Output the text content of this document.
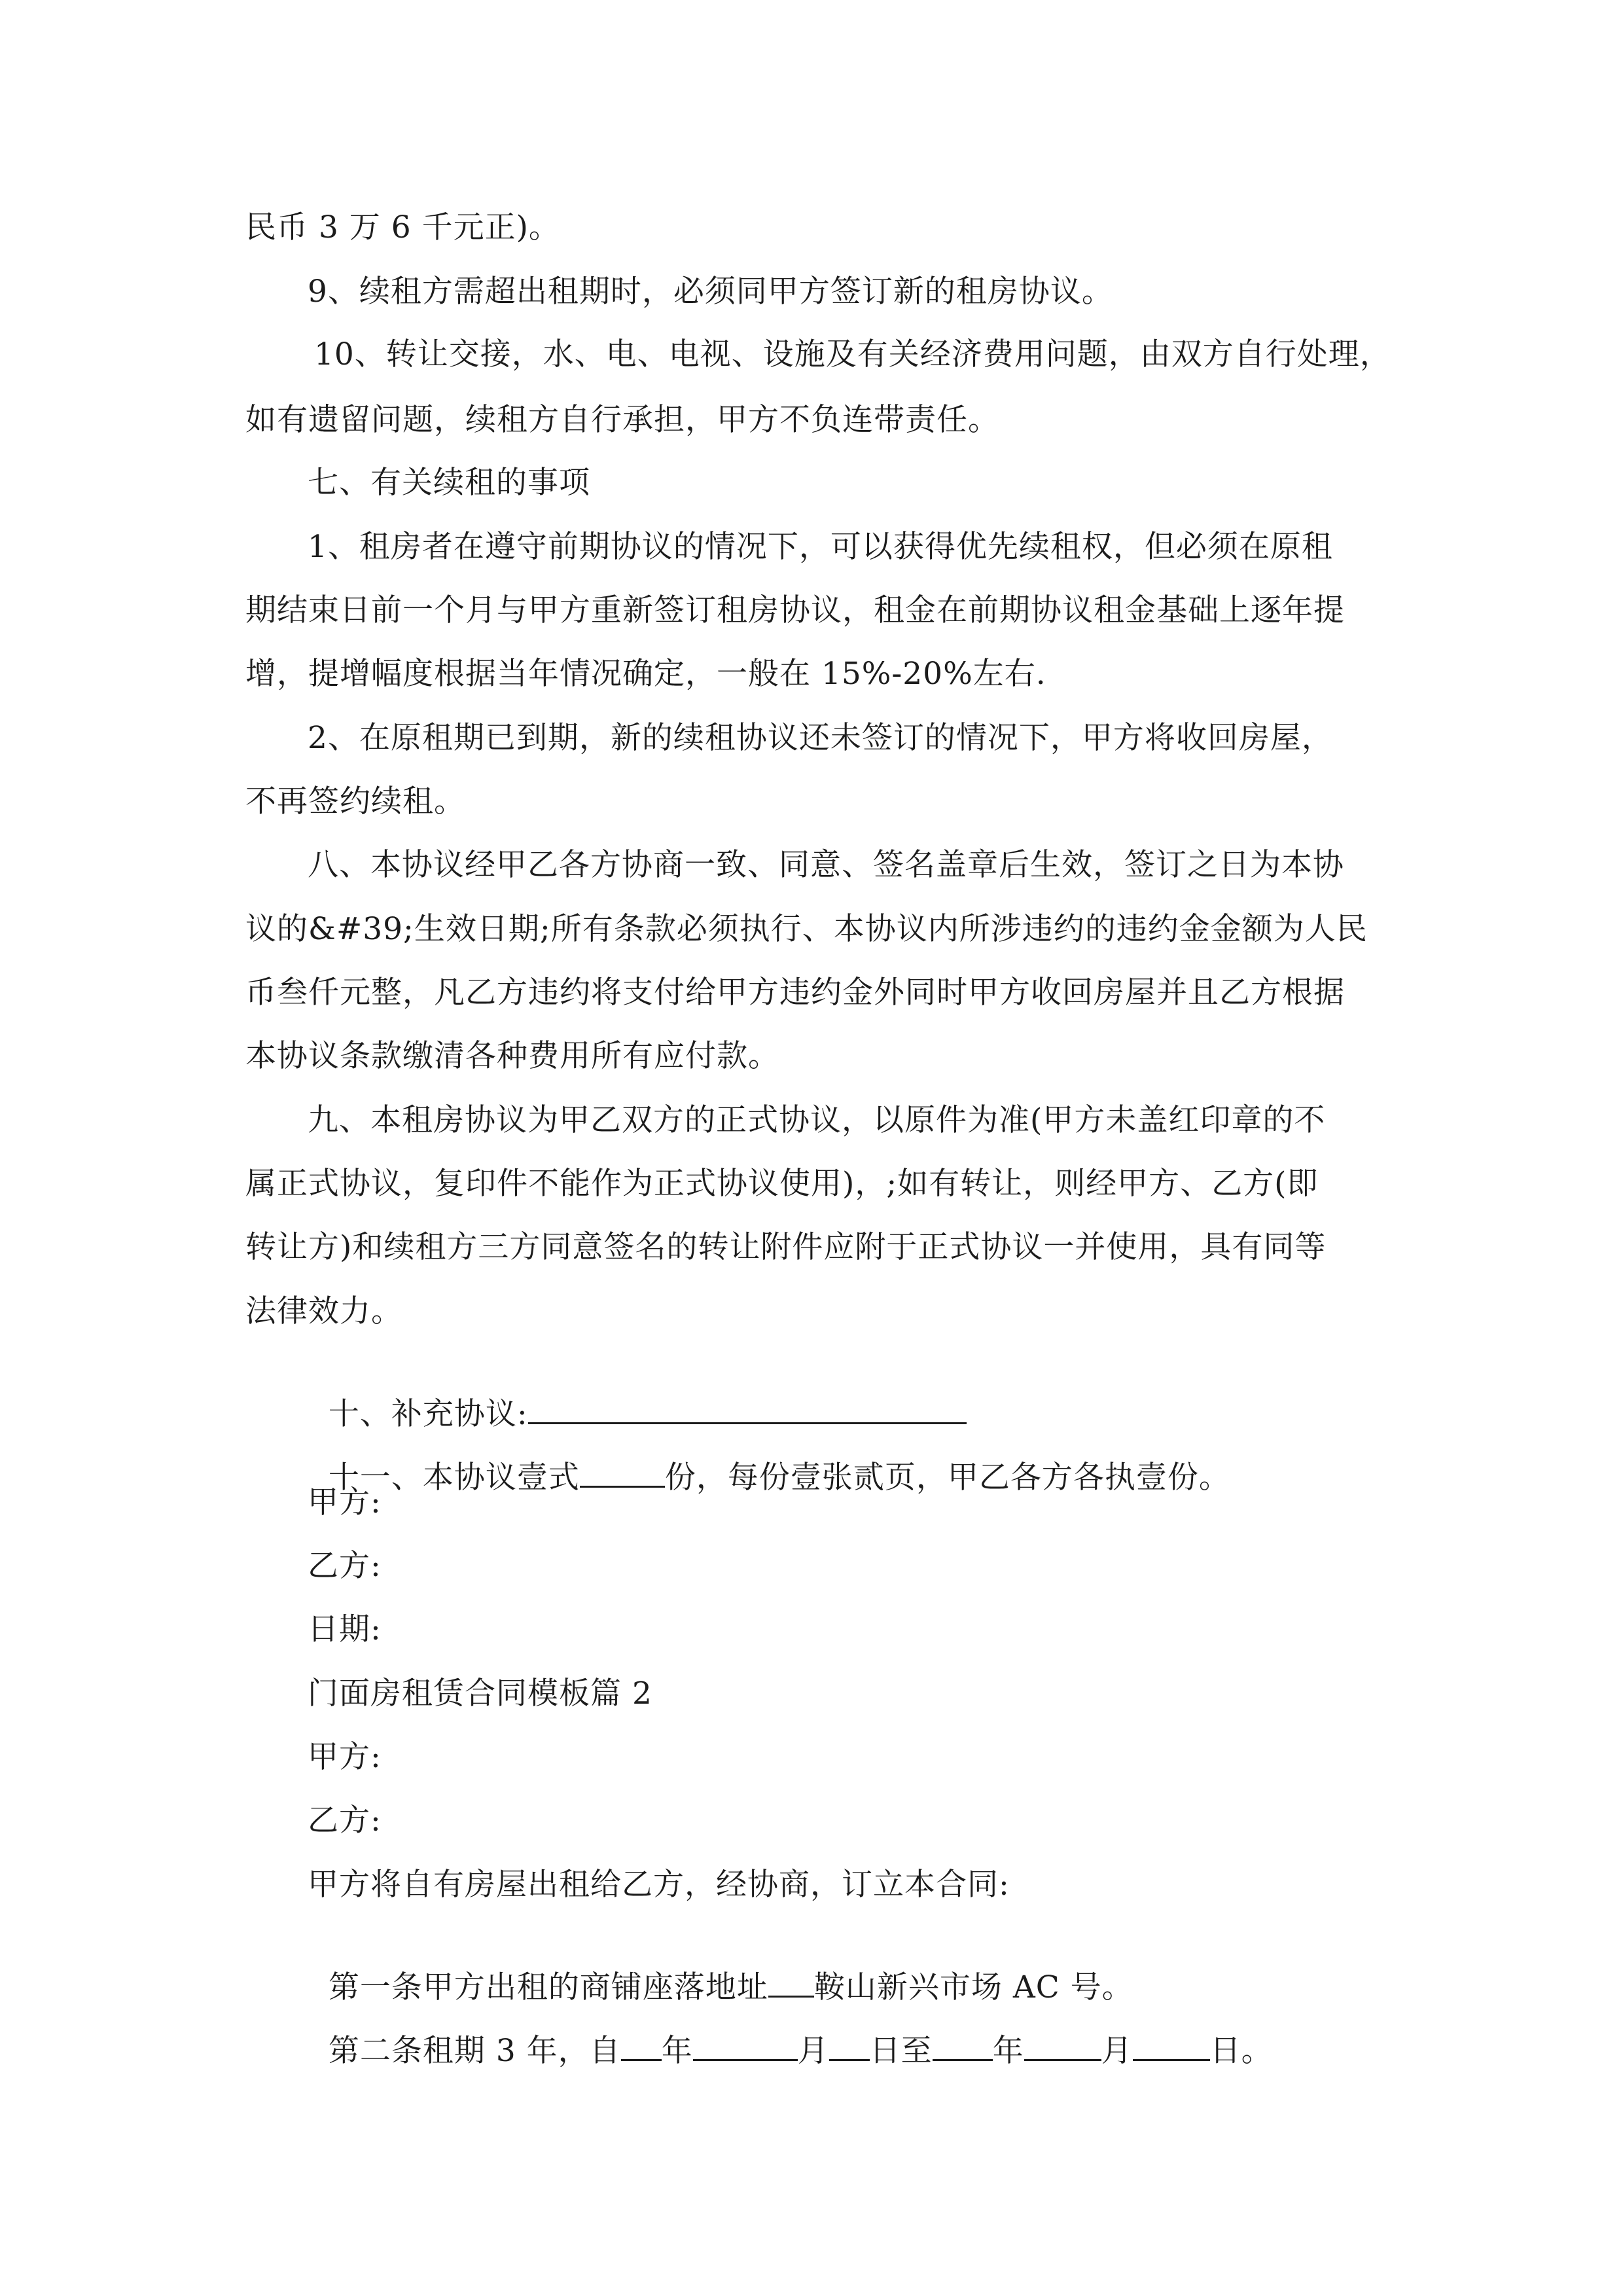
民币 3 万 6 千元正)。
9、续租方需超出租期时，必须同甲方签订新的租房协议。
10、转让交接，水、电、电视、设施及有关经济费用问题，由双方自行处理，
如有遗留问题，续租方自行承担，甲方不负连带责任。
七、有关续租的事项
1、租房者在遵守前期协议的情况下，可以获得优先续租权，但必须在原租
期结束日前一个月与甲方重新签订租房协议，租金在前期协议租金基础上逐年提
增，提增幅度根据当年情况确定，一般在 15%-20%左右.
2、在原租期已到期，新的续租协议还未签订的情况下，甲方将收回房屋，
不再签约续租。
八、本协议经甲乙各方协商一致、同意、签名盖章后生效，签订之日为本协
议的&#39;生效日期;所有条款必须执行、本协议内所涉违约的违约金金额为人民
币叁仟元整，凡乙方违约将支付给甲方违约金外同时甲方收回房屋并且乙方根据
本协议条款缴清各种费用所有应付款。
九、本租房协议为甲乙双方的正式协议，以原件为准(甲方未盖红印章的不
属正式协议，复印件不能作为正式协议使用)，;如有转让，则经甲方、乙方(即
转让方)和续租方三方同意签名的转让附件应附于正式协议一并使用，具有同等
法律效力。

十、补充协议:

十一、本协议壹式	份，每份壹张贰页，甲乙各方各执壹份。

甲方:
乙方:
日期:
门面房租赁合同模板篇 2
甲方:
乙方:
甲方将自有房屋出租给乙方，经协商，订立本合同:

第一条甲方出租的商铺座落地址 鞍山新兴市场 AC 号。

第二条租期 3 年，自 年	月 日至 年	月	日。
